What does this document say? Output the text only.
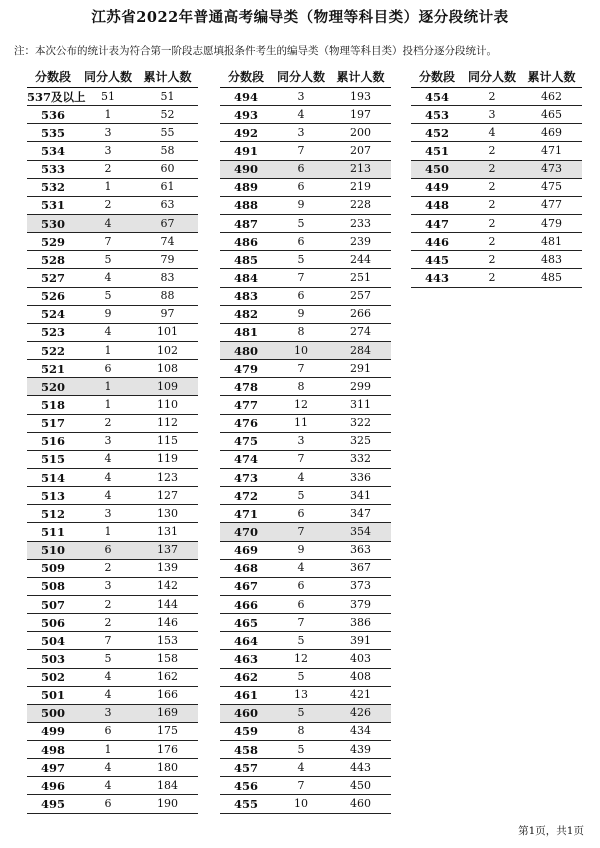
江苏省2022年普通高考编导类（物理等科目类）逐分段统计表
注：本次公布的统计表为符合第一阶段志愿填报条件考生的编导类（物理等科目类）投档分逐分段统计。
分数段	同分人数	累计人数
537及以上	51	51
536	1	52
535	3	55
534	3	58
533	2	60
532	1	61
531	2	63
530	4	67
529	7	74
528	5	79
527	4	83
526	5	88
524	9	97
523	4	101
522	1	102
521	6	108
520	1	109
518	1	110
517	2	112
516	3	115
515	4	119
514	4	123
513	4	127
512	3	130
511	1	131
510	6	137
509	2	139
508	3	142
507	2	144
506	2	146
504	7	153
503	5	158
502	4	162
501	4	166
500	3	169
499	6	175
498	1	176
497	4	180
496	4	184
495	6	190
分数段	同分人数	累计人数
494	3	193
493	4	197
492	3	200
491	7	207
490	6	213
489	6	219
488	9	228
487	5	233
486	6	239
485	5	244
484	7	251
483	6	257
482	9	266
481	8	274
480	10	284
479	7	291
478	8	299
477	12	311
476	11	322
475	3	325
474	7	332
473	4	336
472	5	341
471	6	347
470	7	354
469	9	363
468	4	367
467	6	373
466	6	379
465	7	386
464	5	391
463	12	403
462	5	408
461	13	421
460	5	426
459	8	434
458	5	439
457	4	443
456	7	450
455	10	460
分数段	同分人数	累计人数
454	2	462
453	3	465
452	4	469
451	2	471
450	2	473
449	2	475
448	2	477
447	2	479
446	2	481
445	2	483
443	2	485
第1页，共1页
